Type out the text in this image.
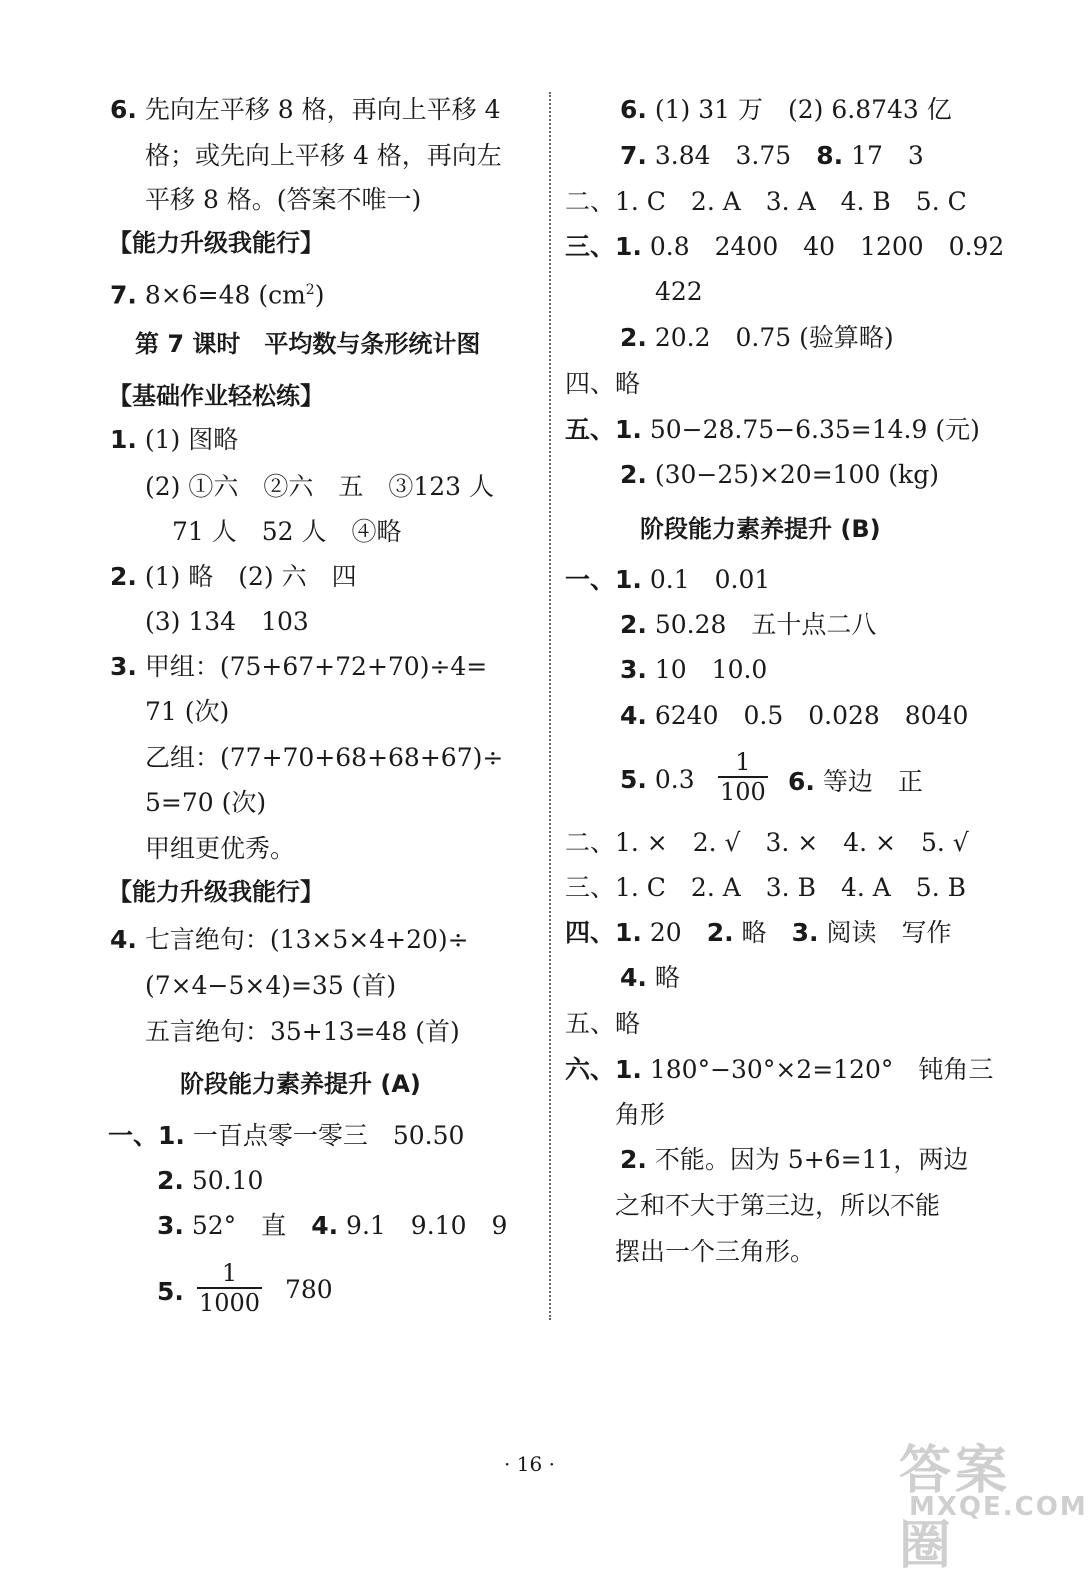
6. 先向左平移 8 格，再向上平移 4
格；或先向上平移 4 格，再向左
平移 8 格。(答案不唯一)
【能力升级我能行】
7. 8×6=48 $(cm^2)$
第 7 课时　平均数与条形统计图
【基础作业轻松练】
1. (1) 图略
(2) ①六　②六　五　③123 人
71 人　52 人　④略
2. (1) 略　(2) 六　四
(3) 134　103
3. 甲组：(75+67+72+70)÷4=
71 (次)
乙组：(77+70+68+68+67)÷
5=70 (次)
甲组更优秀。
【能力升级我能行】
4. 七言绝句：(13×5×4+20)÷
(7×4−5×4)=35 (首)
五言绝句：35+13=48 (首)
阶段能力素养提升 (A)
一、1. 一百点零一零三　50.50
2. 50.10
3. 52°　直　 4. 9.1　9.10　9
5. $\frac{1}{1000} 780$
6. (1) 31 万　(2) 6.8743 亿
7. 3.84　3.75　 8. 17　3
二、1. C　2. A　3. A　4. B　5. C
三、1. 0.8　2400　40　1200　0.92
422
2. 20.2　0.75 (验算略)
四、略
五、1. 50−28.75−6.35=14.9 (元)
2. (30−25)×20=100 (kg)
阶段能力素养提升 (B)
一、1. 0.1　0.01
2. 50.28　五十点二八
3. 10　10.0
4. 6240　0.5　0.028　8040
5. $0.3 \frac{1}{100} 6$. 等边　正
二、1. ×　2. √　3. ×　4. ×　5. √
三、1. C　2. A　3. B　4. A　5. B
四、1. 20　 2. 略　 3. 阅读　写作
4. 略
五、略
六、1. 180°−30°×2=120°　钝角三
角形
2. 不能。因为 5+6=11，两边
之和不大于第三边，所以不能
摆出一个三角形。
· 16 ·	答案圈
MXQE.COM
